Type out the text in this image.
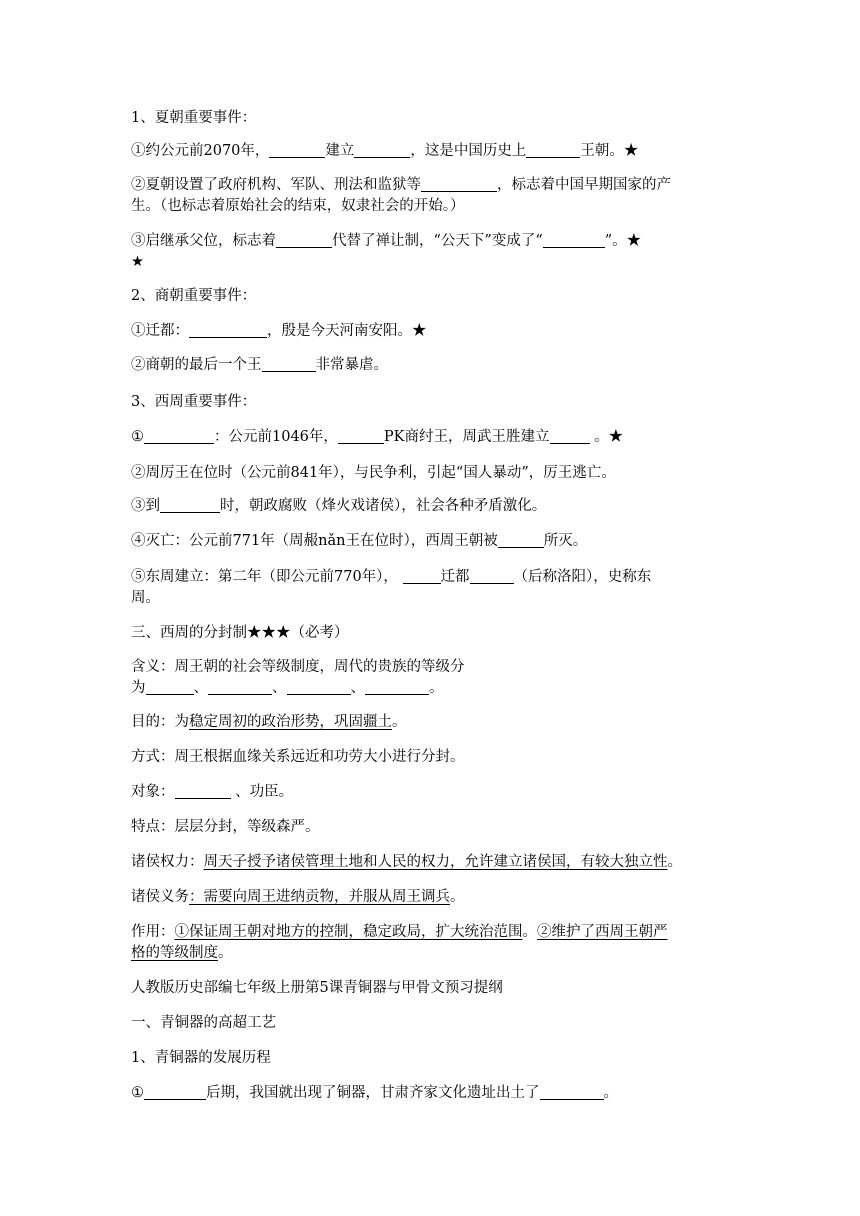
1、夏朝重要事件：
①约公元前2070年，	建立	，这是中国历史上	王朝。★
②夏朝设置了政府机构、军队、刑法和监狱等	，标志着中国早期国家的产
生。（也标志着原始社会的结束，奴隶社会的开始。）
③启继承父位，标志着	代替了禅让制，“公天下”变成了“	”。★
★
2、商朝重要事件：
①迁都：	，殷是今天河南安阳。★
②商朝的最后一个王	非常暴虐。
3、西周重要事件：
①	：公元前1046年，	PK商纣王，周武王胜建立	。★
②周厉王在位时（公元前841年），与民争利，引起“国人暴动”，厉王逃亡。
③到	时，朝政腐败（烽火戏诸侯），社会各种矛盾激化。
④灭亡：公元前771年（周赧nǎn王在位时），西周王朝被	所灭。
⑤东周建立：第二年（即公元前770年），	迁都	（后称洛阳），史称东
周。
三、西周的分封制★★★（必考）
含义：周王朝的社会等级制度，周代的贵族的等级分
为	、	、	、	。
目的：为稳定周初的政治形势，巩固疆土。
方式：周王根据血缘关系远近和功劳大小进行分封。
对象：	、功臣。
特点：层层分封，等级森严。
诸侯权力：周天子授予诸侯管理土地和人民的权力，允许建立诸侯国，有较大独立性。
诸侯义务：需要向周王进纳贡物，并服从周王调兵。
作用：①保证周王朝对地方的控制，稳定政局，扩大统治范围。②维护了西周王朝严
格的等级制度。
人教版历史部编七年级上册第5课青铜器与甲骨文预习提纲
一、青铜器的高超工艺
1、青铜器的发展历程
①	后期，我国就出现了铜器，甘肃齐家文化遗址出土了	。
